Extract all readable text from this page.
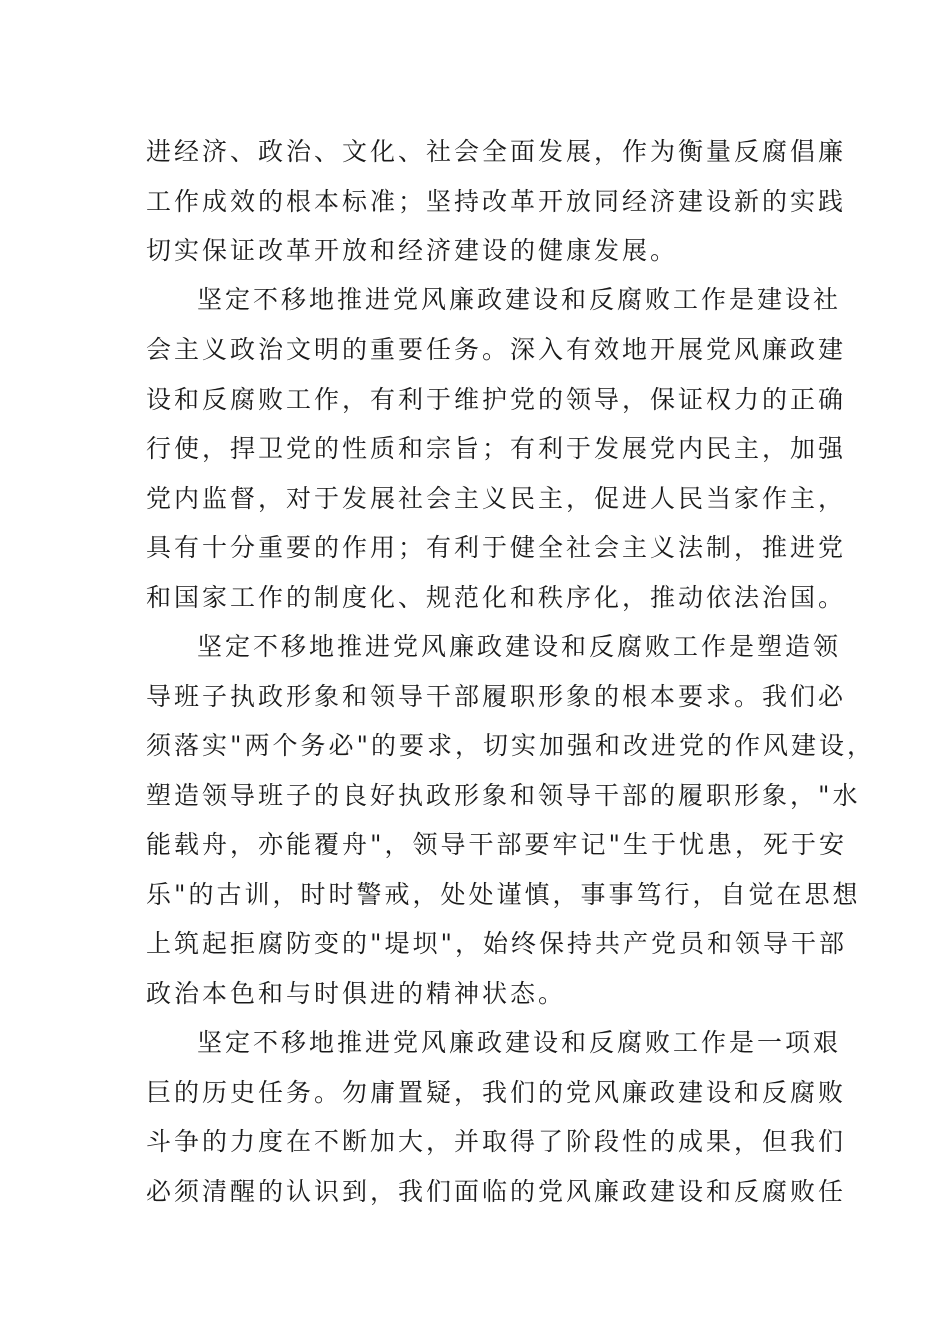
进经济、政治、文化、社会全面发展，作为衡量反腐倡廉

工作成效的根本标准；坚持改革开放同经济建设新的实践

切实保证改革开放和经济建设的健康发展。

坚定不移地推进党风廉政建设和反腐败工作是建设社

会主义政治文明的重要任务。深入有效地开展党风廉政建

设和反腐败工作，有利于维护党的领导，保证权力的正确

行使，捍卫党的性质和宗旨；有利于发展党内民主，加强

党内监督，对于发展社会主义民主，促进人民当家作主，

具有十分重要的作用；有利于健全社会主义法制，推进党

和国家工作的制度化、规范化和秩序化，推动依法治国。

坚定不移地推进党风廉政建设和反腐败工作是塑造领

导班子执政形象和领导干部履职形象的根本要求。我们必

须落实"两个务必"的要求，切实加强和改进党的作风建设，

塑造领导班子的良好执政形象和领导干部的履职形象，"水

能载舟，亦能覆舟"，领导干部要牢记"生于忧患，死于安

乐"的古训，时时警戒，处处谨慎，事事笃行，自觉在思想

上筑起拒腐防变的"堤坝"，始终保持共产党员和领导干部

政治本色和与时俱进的精神状态。

坚定不移地推进党风廉政建设和反腐败工作是一项艰

巨的历史任务。勿庸置疑，我们的党风廉政建设和反腐败

斗争的力度在不断加大，并取得了阶段性的成果，但我们

必须清醒的认识到，我们面临的党风廉政建设和反腐败任
